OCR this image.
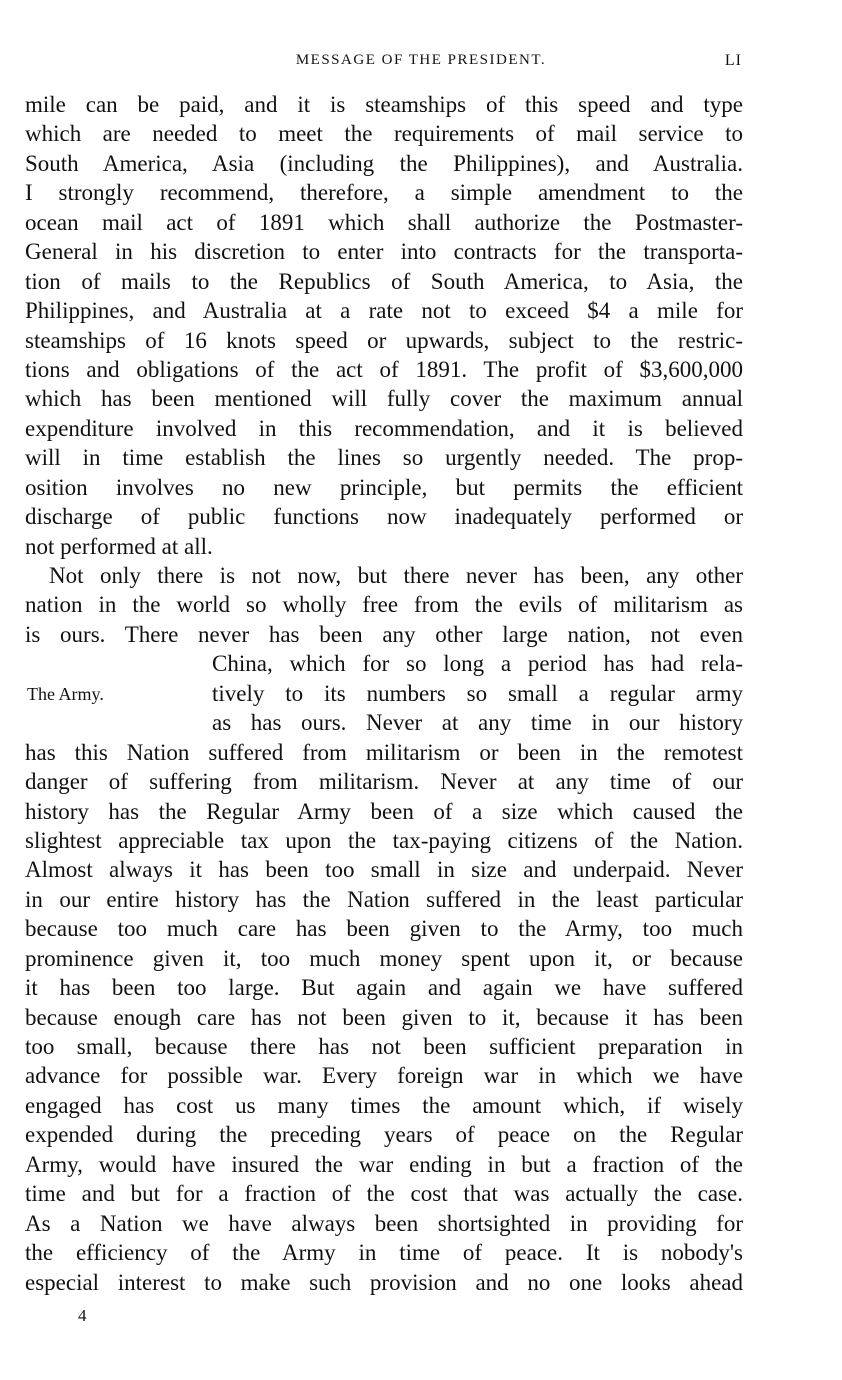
MESSAGE OF THE PRESIDENT.	LI
mile can be paid, and it is steamships of this speed and type
which are needed to meet the requirements of mail service to
South America, Asia (including the Philippines), and Australia.
I strongly recommend, therefore, a simple amendment to the
ocean mail act of 1891 which shall authorize the Postmaster-
General in his discretion to enter into contracts for the transporta-
tion of mails to the Republics of South America, to Asia, the
Philippines, and Australia at a rate not to exceed $4 a mile for
steamships of 16 knots speed or upwards, subject to the restric-
tions and obligations of the act of 1891. The profit of $3,600,000
which has been mentioned will fully cover the maximum annual
expenditure involved in this recommendation, and it is believed
will in time establish the lines so urgently needed. The prop-
osition involves no new principle, but permits the efficient
discharge of public functions now inadequately performed or
not performed at all.
Not only there is not now, but there never has been, any other
nation in the world so wholly free from the evils of militarism as
is ours. There never has been any other large nation, not even
China, which for so long a period has had rela-
tively to its numbers so small a regular army
as has ours. Never at any time in our history
has this Nation suffered from militarism or been in the remotest
danger of suffering from militarism. Never at any time of our
history has the Regular Army been of a size which caused the
slightest appreciable tax upon the tax-paying citizens of the Nation.
Almost always it has been too small in size and underpaid. Never
in our entire history has the Nation suffered in the least particular
because too much care has been given to the Army, too much
prominence given it, too much money spent upon it, or because
it has been too large. But again and again we have suffered
because enough care has not been given to it, because it has been
too small, because there has not been sufficient preparation in
advance for possible war. Every foreign war in which we have
engaged has cost us many times the amount which, if wisely
expended during the preceding years of peace on the Regular
Army, would have insured the war ending in but a fraction of the
time and but for a fraction of the cost that was actually the case.
As a Nation we have always been shortsighted in providing for
the efficiency of the Army in time of peace. It is nobody's
especial interest to make such provision and no one looks ahead
The Army.
4
